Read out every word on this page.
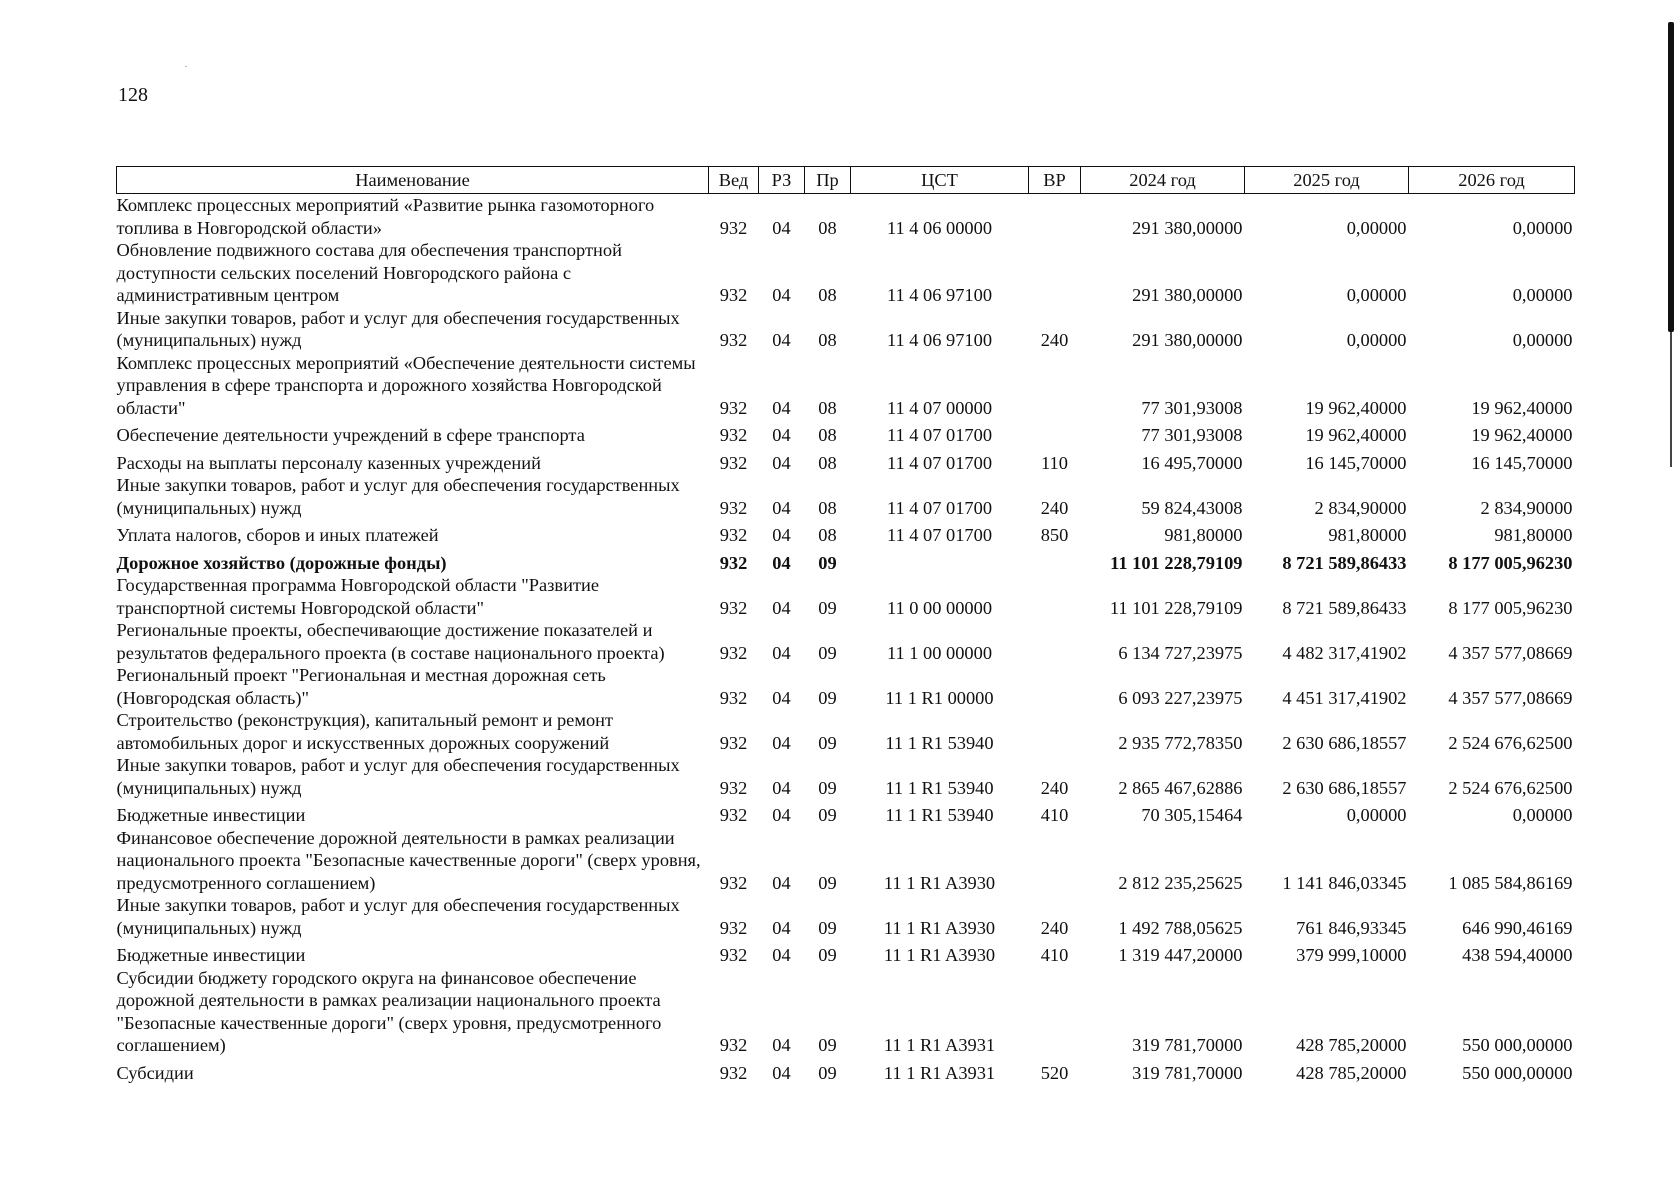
128
Наименование	Вед	РЗ	Пр	ЦСТ	ВР	2024 год	2025 год	2026 год
Комплекс процессных мероприятий «Развитие рынка газомоторного топлива в Новгородской области»	932	04	08	11 4 06 00000		291 380,00000	0,00000	0,00000
Обновление подвижного состава для обеспечения транспортной доступности сельских поселений Новгородского района с административным центром	932	04	08	11 4 06 97100		291 380,00000	0,00000	0,00000
Иные закупки товаров, работ и услуг для обеспечения государственных (муниципальных) нужд	932	04	08	11 4 06 97100	240	291 380,00000	0,00000	0,00000
Комплекс процессных мероприятий «Обеспечение деятельности системы управления в сфере транспорта и дорожного хозяйства Новгородской области"	932	04	08	11 4 07 00000		77 301,93008	19 962,40000	19 962,40000
Обеспечение деятельности учреждений в сфере транспорта	932	04	08	11 4 07 01700		77 301,93008	19 962,40000	19 962,40000
Расходы на выплаты персоналу казенных учреждений	932	04	08	11 4 07 01700	110	16 495,70000	16 145,70000	16 145,70000
Иные закупки товаров, работ и услуг для обеспечения государственных (муниципальных) нужд	932	04	08	11 4 07 01700	240	59 824,43008	2 834,90000	2 834,90000
Уплата налогов, сборов и иных платежей	932	04	08	11 4 07 01700	850	981,80000	981,80000	981,80000
Дорожное хозяйство (дорожные фонды)	932	04	09			11 101 228,79109	8 721 589,86433	8 177 005,96230
Государственная программа Новгородской области "Развитие транспортной системы Новгородской области"	932	04	09	11 0 00 00000		11 101 228,79109	8 721 589,86433	8 177 005,96230
Региональные проекты, обеспечивающие достижение показателей и результатов федерального проекта (в составе национального проекта)	932	04	09	11 1 00 00000		6 134 727,23975	4 482 317,41902	4 357 577,08669
Региональный проект "Региональная и местная дорожная сеть (Новгородская область)"	932	04	09	11 1 R1 00000		6 093 227,23975	4 451 317,41902	4 357 577,08669
Строительство (реконструкция), капитальный ремонт и ремонт автомобильных дорог и искусственных дорожных сооружений	932	04	09	11 1 R1 53940		2 935 772,78350	2 630 686,18557	2 524 676,62500
Иные закупки товаров, работ и услуг для обеспечения государственных (муниципальных) нужд	932	04	09	11 1 R1 53940	240	2 865 467,62886	2 630 686,18557	2 524 676,62500
Бюджетные инвестиции	932	04	09	11 1 R1 53940	410	70 305,15464	0,00000	0,00000
Финансовое обеспечение дорожной деятельности в рамках реализации национального проекта "Безопасные качественные дороги" (сверх уровня, предусмотренного соглашением)	932	04	09	11 1 R1 A3930		2 812 235,25625	1 141 846,03345	1 085 584,86169
Иные закупки товаров, работ и услуг для обеспечения государственных (муниципальных) нужд	932	04	09	11 1 R1 A3930	240	1 492 788,05625	761 846,93345	646 990,46169
Бюджетные инвестиции	932	04	09	11 1 R1 A3930	410	1 319 447,20000	379 999,10000	438 594,40000
Субсидии бюджету городского округа на финансовое обеспечение дорожной деятельности в рамках реализации национального проекта "Безопасные качественные дороги" (сверх уровня, предусмотренного соглашением)	932	04	09	11 1 R1 A3931		319 781,70000	428 785,20000	550 000,00000
Субсидии	932	04	09	11 1 R1 A3931	520	319 781,70000	428 785,20000	550 000,00000
